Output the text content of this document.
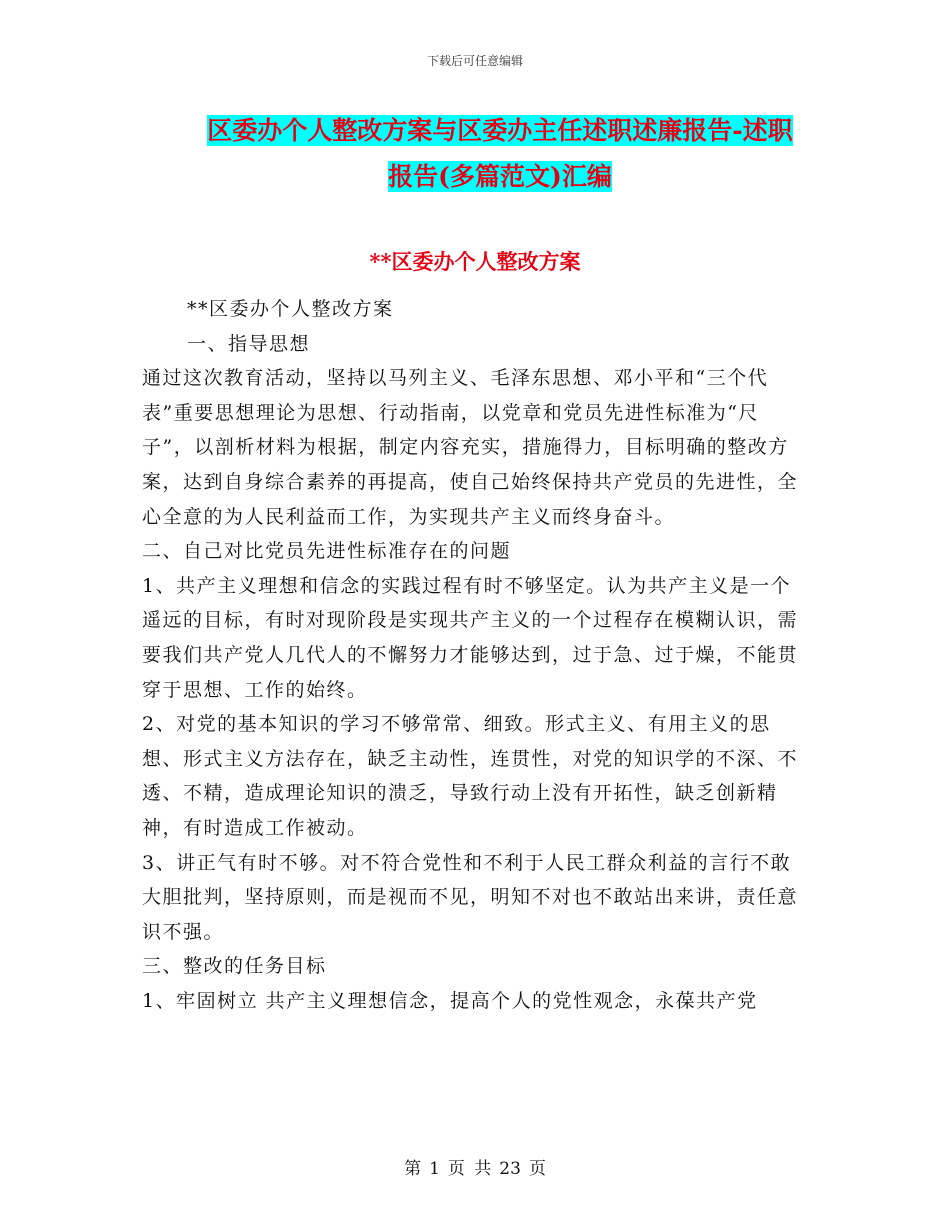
下载后可任意编辑
区委办个人整改方案与区委办主任述职述廉报告-述职
报告(多篇范文)汇编
**区委办个人整改方案

**区委办个人整改方案

一、指导思想

通过这次教育活动，坚持以马列主义、毛泽东思想、邓小平和“三个代表”重要思想理论为思想、行动指南，以党章和党员先进性标准为“尺子”，以剖析材料为根据，制定内容充实，措施得力，目标明确的整改方案，达到自身综合素养的再提高，使自己始终保持共产党员的先进性，全心全意的为人民利益而工作，为实现共产主义而终身奋斗。

二、自己对比党员先进性标准存在的问题

1、共产主义理想和信念的实践过程有时不够坚定。认为共产主义是一个遥远的目标，有时对现阶段是实现共产主义的一个过程存在模糊认识，需要我们共产党人几代人的不懈努力才能够达到，过于急、过于燥，不能贯穿于思想、工作的始终。

2、对党的基本知识的学习不够常常、细致。形式主义、有用主义的思想、形式主义方法存在，缺乏主动性，连贯性，对党的知识学的不深、不透、不精，造成理论知识的溃乏，导致行动上没有开拓性，缺乏创新精神，有时造成工作被动。

3、讲正气有时不够。对不符合党性和不利于人民工群众利益的言行不敢大胆批判，坚持原则，而是视而不见，明知不对也不敢站出来讲，责任意识不强。

三、整改的任务目标

1、牢固树立 共产主义理想信念，提高个人的党性观念，永葆共产党

第 1 页 共 23 页
